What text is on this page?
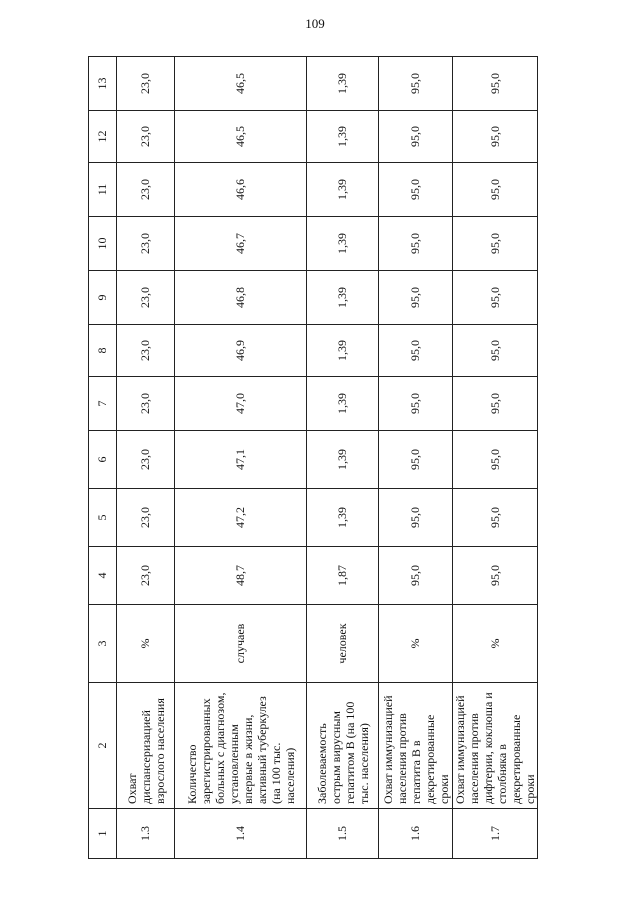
109
1	2	3	4	5	6	7	8	9	10	11	12	13
1.3	Охват диспансеризацией взрослого населения	%	23,0	23,0	23,0	23,0	23,0	23,0	23,0	23,0	23,0	23,0
1.4	Количество зарегистрированных больных с диагнозом, установленным впервые в жизни, активный туберкулез (на 100 тыс. населения)	случаев	48,7	47,2	47,1	47,0	46,9	46,8	46,7	46,6	46,5	46,5
1.5	Заболеваемость острым вирусным гепатитом В (на 100 тыс. населения)	человек	1,87	1,39	1,39	1,39	1,39	1,39	1,39	1,39	1,39	1,39
1.6	Охват иммунизацией населения против гепатита В в декретированные сроки	%	95,0	95,0	95,0	95,0	95,0	95,0	95,0	95,0	95,0	95,0
1.7	Охват иммунизацией населения против дифтерии, коклюша и столбняка в декретированные сроки	%	95,0	95,0	95,0	95,0	95,0	95,0	95,0	95,0	95,0	95,0
